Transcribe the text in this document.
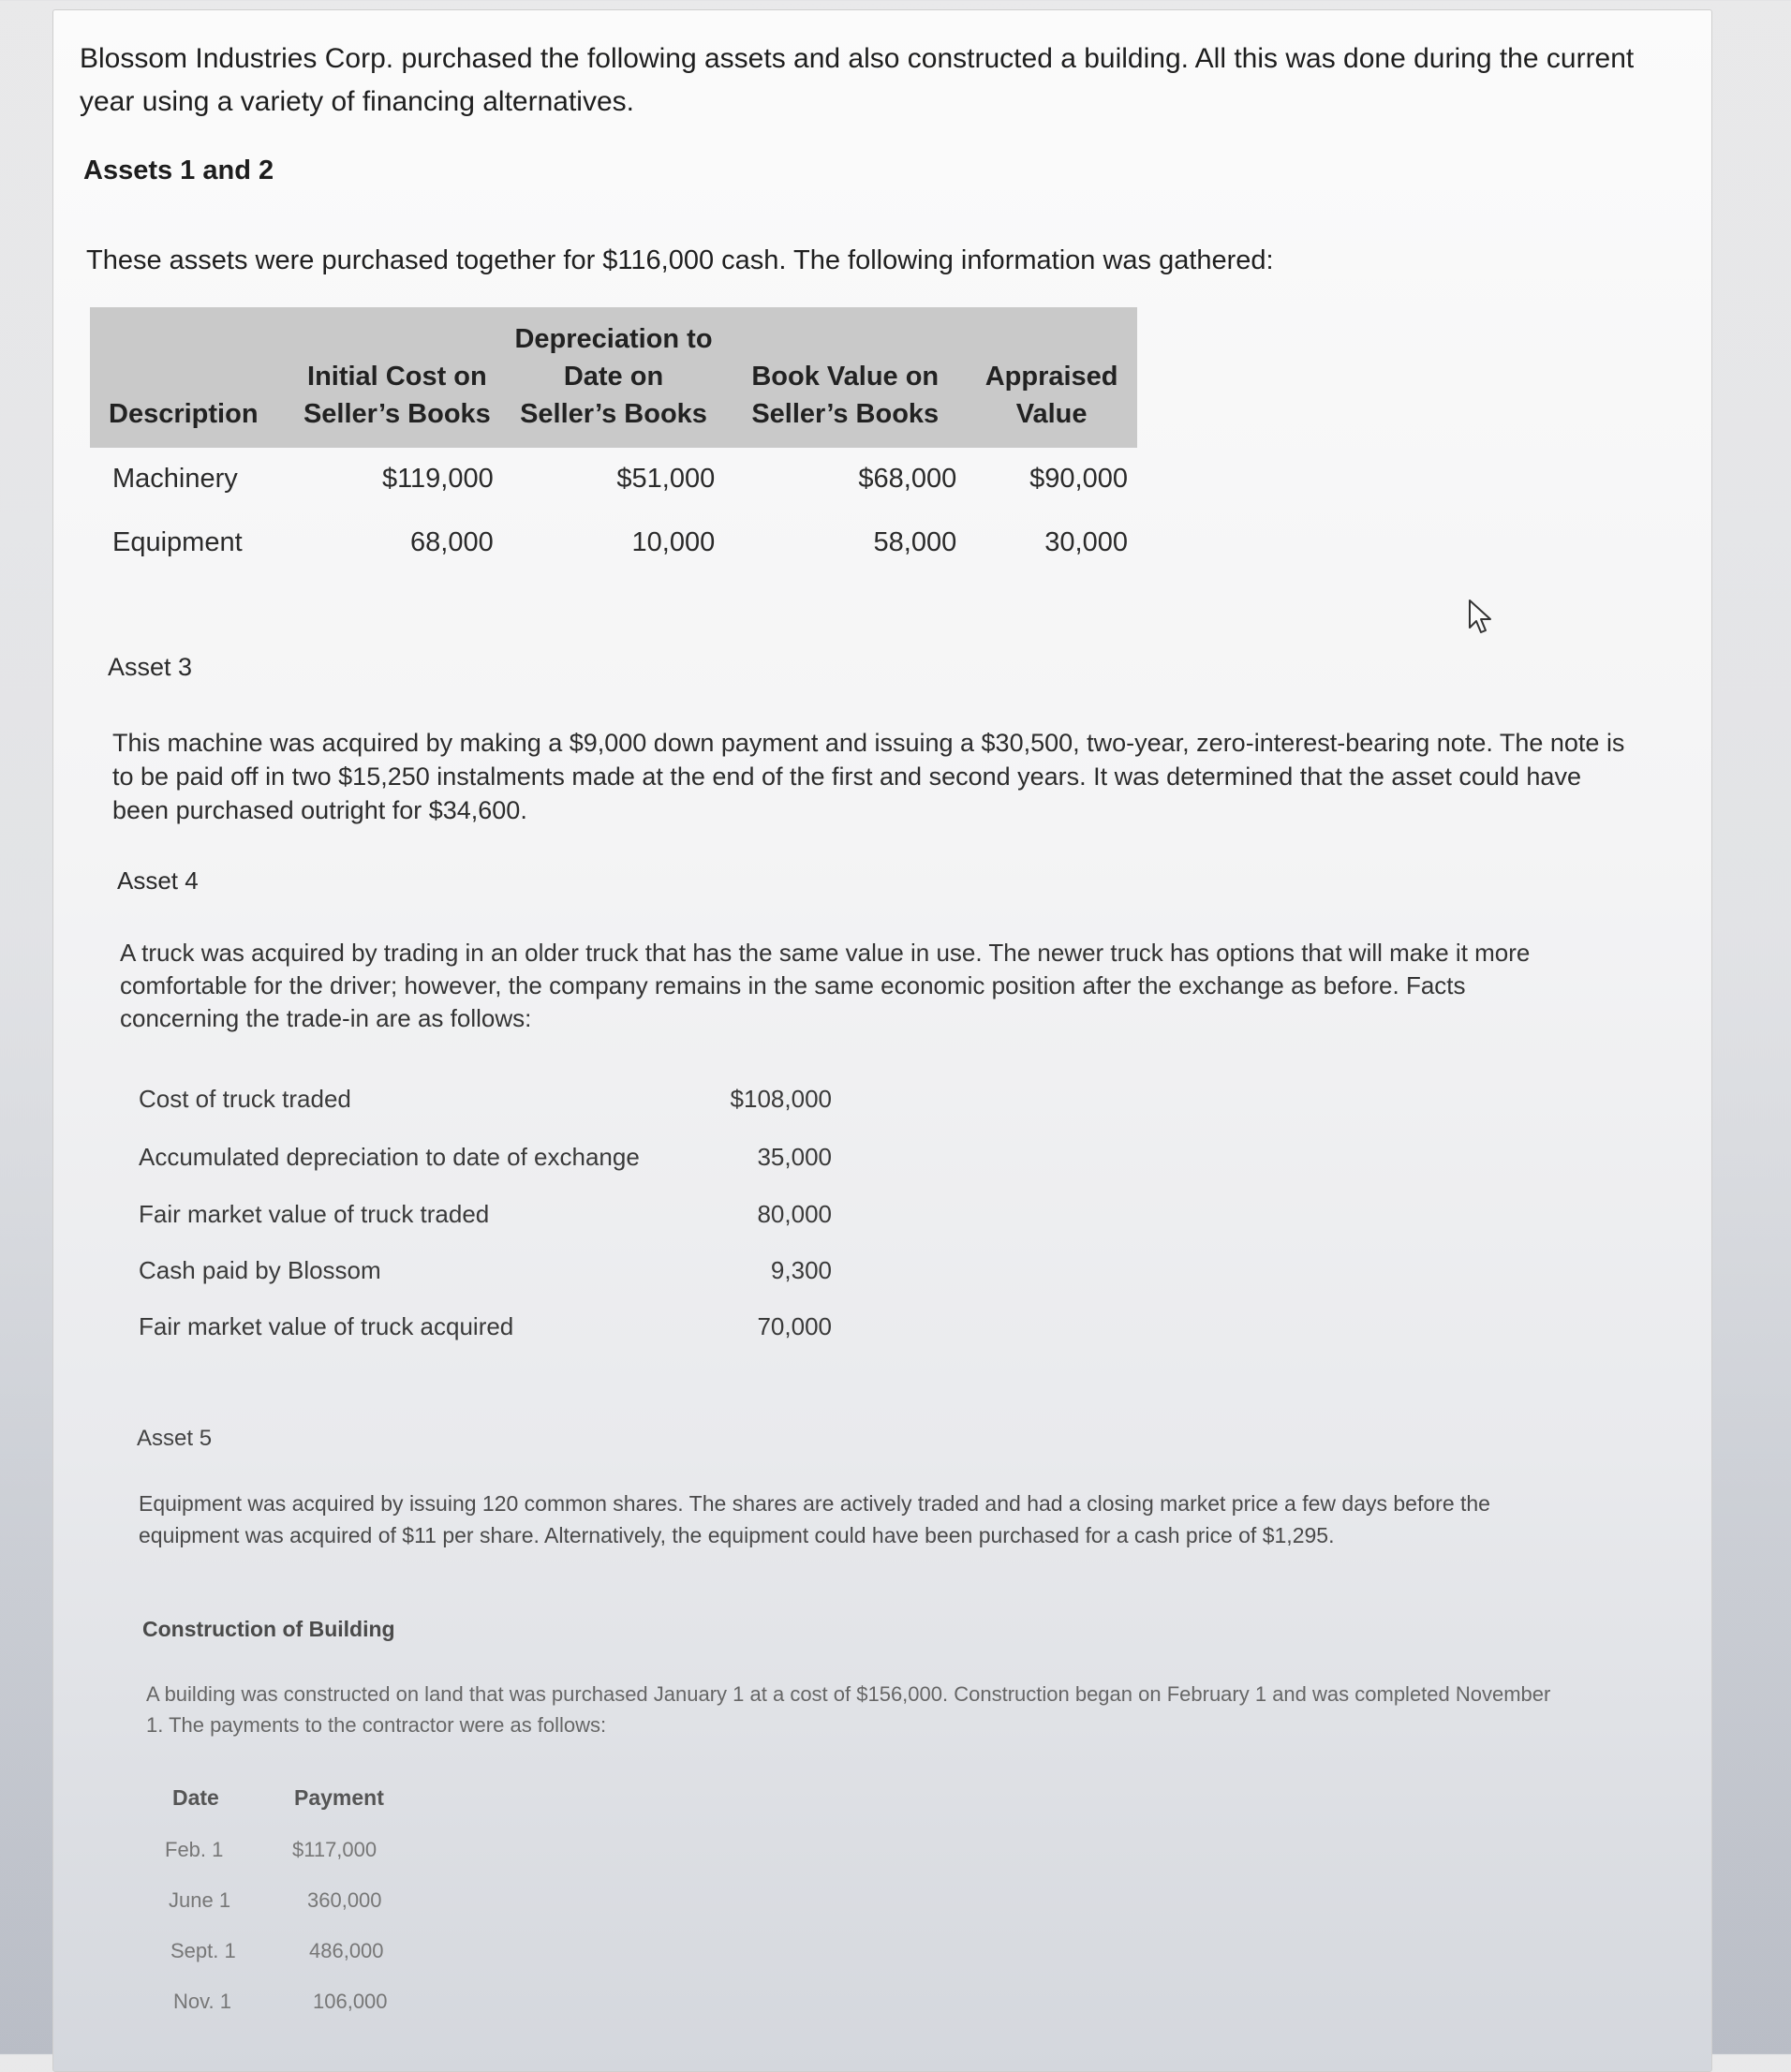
Blossom Industries Corp. purchased the following assets and also constructed a building. All this was done during the current year using a variety of financing alternatives.
Assets 1 and 2
These assets were purchased together for $116,000 cash. The following information was gathered:
Description	Initial Cost on Seller’s Books	Depreciation to Date on Seller’s Books	Book Value on Seller’s Books	Appraised Value
Machinery	$119,000	$51,000	$68,000	$90,000
Equipment	68,000	10,000	58,000	30,000
Asset 3
This machine was acquired by making a $9,000 down payment and issuing a $30,500, two-year, zero-interest-bearing note. The note is to be paid off in two $15,250 instalments made at the end of the first and second years. It was determined that the asset could have been purchased outright for $34,600.
Asset 4
A truck was acquired by trading in an older truck that has the same value in use. The newer truck has options that will make it more comfortable for the driver; however, the company remains in the same economic position after the exchange as before. Facts concerning the trade-in are as follows:
Cost of truck traded	$108,000
Accumulated depreciation to date of exchange	35,000
Fair market value of truck traded	80,000
Cash paid by Blossom	9,300
Fair market value of truck acquired	70,000
Asset 5
Equipment was acquired by issuing 120 common shares. The shares are actively traded and had a closing market price a few days before the equipment was acquired of $11 per share. Alternatively, the equipment could have been purchased for a cash price of $1,295.
Construction of Building
A building was constructed on land that was purchased January 1 at a cost of $156,000. Construction began on February 1 and was completed November 1. The payments to the contractor were as follows:
Date	Payment
Feb. 1	$117,000
June 1	360,000
Sept. 1	486,000
Nov. 1	106,000
